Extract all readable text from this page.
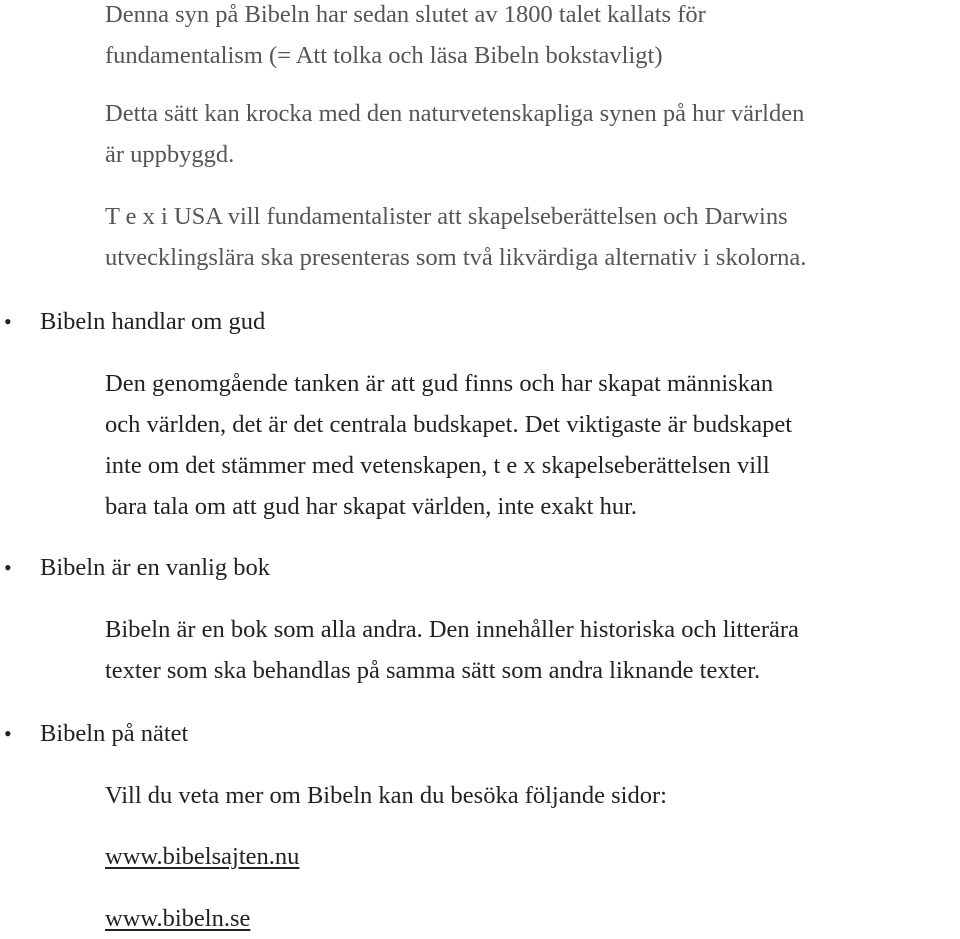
Denna syn på Bibeln har sedan slutet av 1800 talet kallats för
fundamentalism (= Att tolka och läsa Bibeln bokstavligt)

Detta sätt kan krocka med den naturvetenskapliga synen på hur världen
är uppbyggd.

T e x i USA vill fundamentalister att skapelseberättelsen och Darwins
utvecklingslära ska presenteras som två likvärdiga alternativ i skolorna.

•	Bibeln handlar om gud

Den genomgående tanken är att gud finns och har skapat människan
och världen, det är det centrala budskapet. Det viktigaste är budskapet
inte om det stämmer med vetenskapen, t e x skapelseberättelsen vill
bara tala om att gud har skapat världen, inte exakt hur.

•	Bibeln är en vanlig bok

Bibeln är en bok som alla andra. Den innehåller historiska och litterära
texter som ska behandlas på samma sätt som andra liknande texter.

•	Bibeln på nätet

Vill du veta mer om Bibeln kan du besöka följande sidor:

www.bibelsajten.nu
www.bibeln.se
